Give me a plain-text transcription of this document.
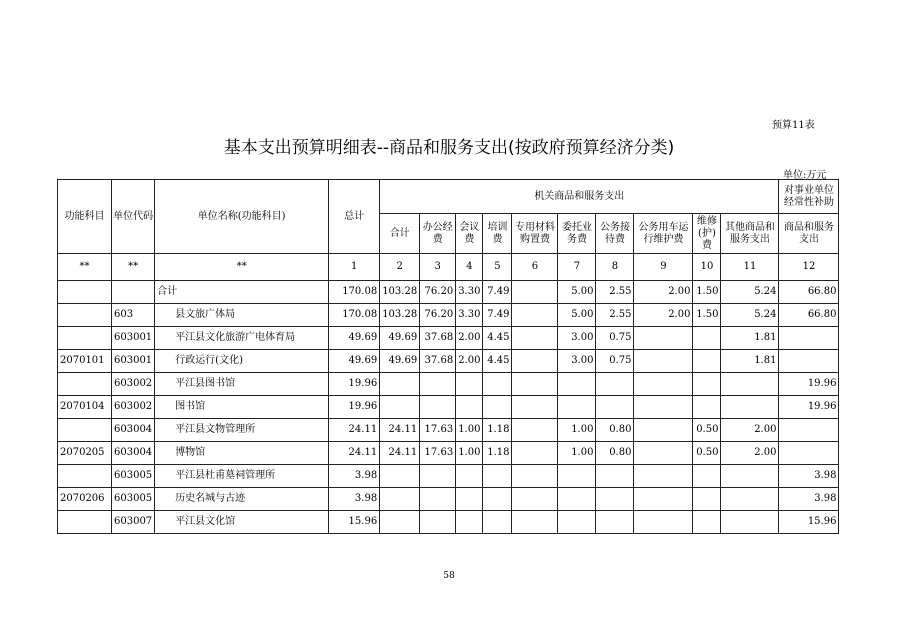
预算11表
基本支出预算明细表--商品和服务支出(按政府预算经济分类)
单位:万元
功能科目	单位代码	单位名称(功能科目)	总计	机关商品和服务支出										对事业单位经常性补助
				合计	办公经费	会议费	培训费	专用材料购置费	委托业务费	公务接待费	公务用车运行维护费	维修(护)费	其他商品和服务支出	商品和服务支出
**	**	**	1	2	3	4	5	6	7	8	9	10	11	12
		合计	170.08	103.28	76.20	3.30	7.49		5.00	2.55	2.00	1.50	5.24	66.80
	603	县文旅广体局	170.08	103.28	76.20	3.30	7.49		5.00	2.55	2.00	1.50	5.24	66.80
	603001	平江县文化旅游广电体育局	49.69	49.69	37.68	2.00	4.45		3.00	0.75			1.81	
2070101	603001	行政运行(文化)	49.69	49.69	37.68	2.00	4.45		3.00	0.75			1.81	
	603002	平江县图书馆	19.96											19.96
2070104	603002	图书馆	19.96											19.96
	603004	平江县文物管理所	24.11	24.11	17.63	1.00	1.18		1.00	0.80		0.50	2.00	
2070205	603004	博物馆	24.11	24.11	17.63	1.00	1.18		1.00	0.80		0.50	2.00	
	603005	平江县杜甫墓祠管理所	3.98											3.98
2070206	603005	历史名城与古迹	3.98											3.98
	603007	平江县文化馆	15.96											15.96
58
